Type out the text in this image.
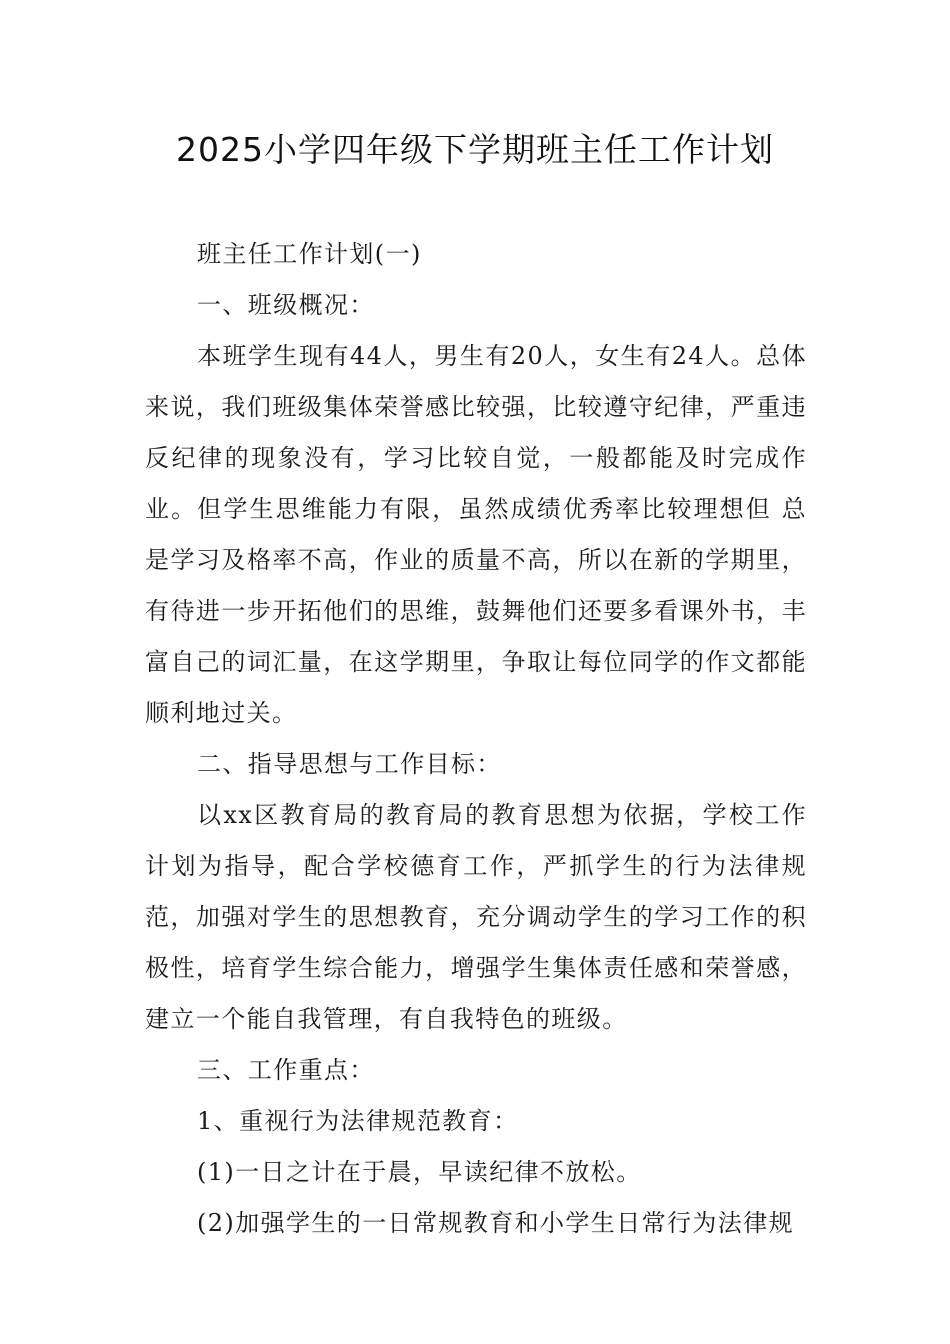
2025小学四年级下学期班主任工作计划

班主任工作计划(一)

一、班级概况：

本班学生现有44人，男生有20人，女生有24人。总体来说，我们班级集体荣誉感比较强，比较遵守纪律，严重违反纪律的现象没有，学习比较自觉，一般都能及时完成作业。但学生思维能力有限，虽然成绩优秀率比较理想但 总是学习及格率不高，作业的质量不高，所以在新的学期里，有待进一步开拓他们的思维，鼓舞他们还要多看课外书，丰富自己的词汇量，在这学期里，争取让每位同学的作文都能顺利地过关。

二、指导思想与工作目标：

以xx区教育局的教育局的教育思想为依据，学校工作计划为指导，配合学校德育工作，严抓学生的行为法律规范，加强对学生的思想教育，充分调动学生的学习工作的积极性，培育学生综合能力，增强学生集体责任感和荣誉感，建立一个能自我管理，有自我特色的班级。

三、工作重点：

1、重视行为法律规范教育：

(1)一日之计在于晨，早读纪律不放松。

(2)加强学生的一日常规教育和小学生日常行为法律规
